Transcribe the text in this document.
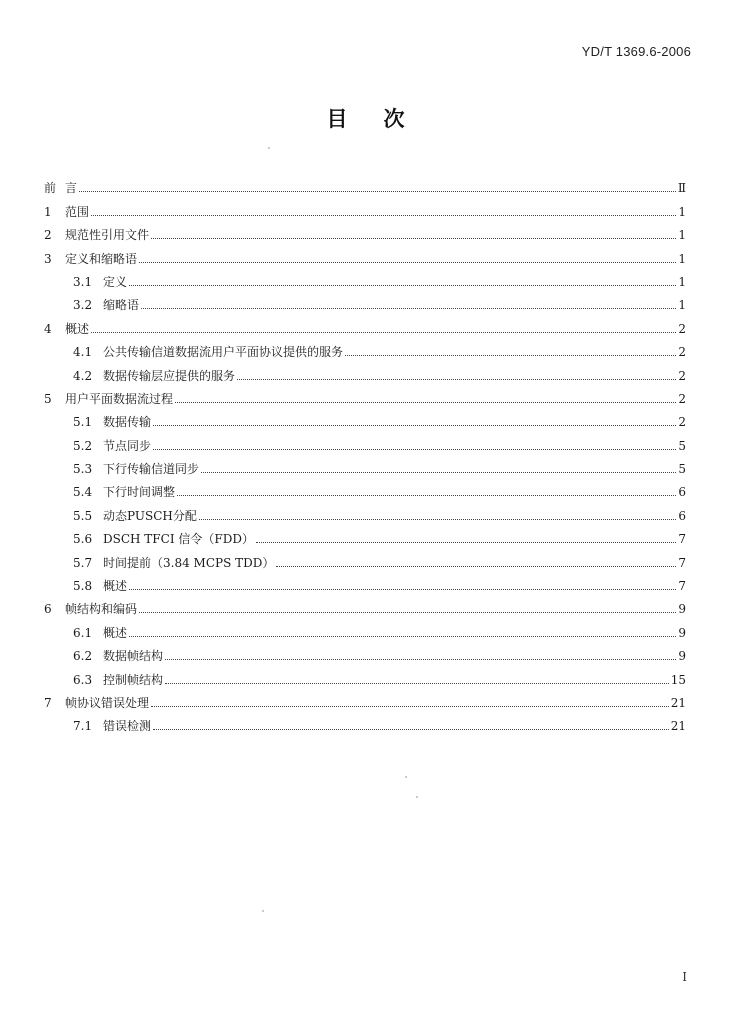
YD/T 1369.6-2006
目次
前 言	Ⅱ
1	范围	1
2	规范性引用文件	1
3	定义和缩略语	1
3.1 定义	1
3.2 缩略语	1
4	概述	2
4.1 公共传输信道数据流用户平面协议提供的服务	2
4.2 数据传输层应提供的服务	2
5	用户平面数据流过程	2
5.1 数据传输	2
5.2 节点同步	5
5.3 下行传输信道同步	5
5.4 下行时间调整	6
5.5 动态PUSCH分配	6
5.6 DSCH TFCI 信令（FDD）	7
5.7 时间提前（3.84 MCPS TDD）	7
5.8 概述	7
6	帧结构和编码	9
6.1 概述	9
6.2 数据帧结构	9
6.3 控制帧结构	15
7	帧协议错误处理	21
7.1 错误检测	21
I
